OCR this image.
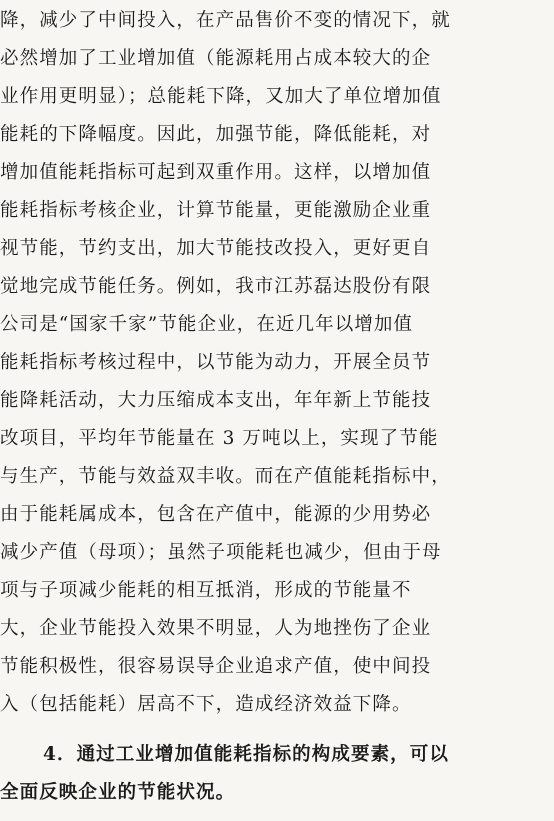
降，减少了中间投入，在产品售价不变的情况下，就
必然增加了工业增加值（能源耗用占成本较大的企
业作用更明显）；总能耗下降，又加大了单位增加值
能耗的下降幅度。因此，加强节能，降低能耗，对
增加值能耗指标可起到双重作用。这样，以增加值
能耗指标考核企业，计算节能量，更能激励企业重
视节能，节约支出，加大节能技改投入，更好更自
觉地完成节能任务。例如，我市江苏磊达股份有限
公司是“国家千家”节能企业，在近几年以增加值
能耗指标考核过程中，以节能为动力，开展全员节
能降耗活动，大力压缩成本支出，年年新上节能技
改项目，平均年节能量在 3 万吨以上，实现了节能
与生产，节能与效益双丰收。而在产值能耗指标中，
由于能耗属成本，包含在产值中，能源的少用势必
减少产值（母项）；虽然子项能耗也减少，但由于母
项与子项减少能耗的相互抵消，形成的节能量不
大，企业节能投入效果不明显，人为地挫伤了企业
节能积极性，很容易误导企业追求产值，使中间投
入（包括能耗）居高不下，造成经济效益下降。
4．通过工业增加值能耗指标的构成要素，可以
全面反映企业的节能状况。
